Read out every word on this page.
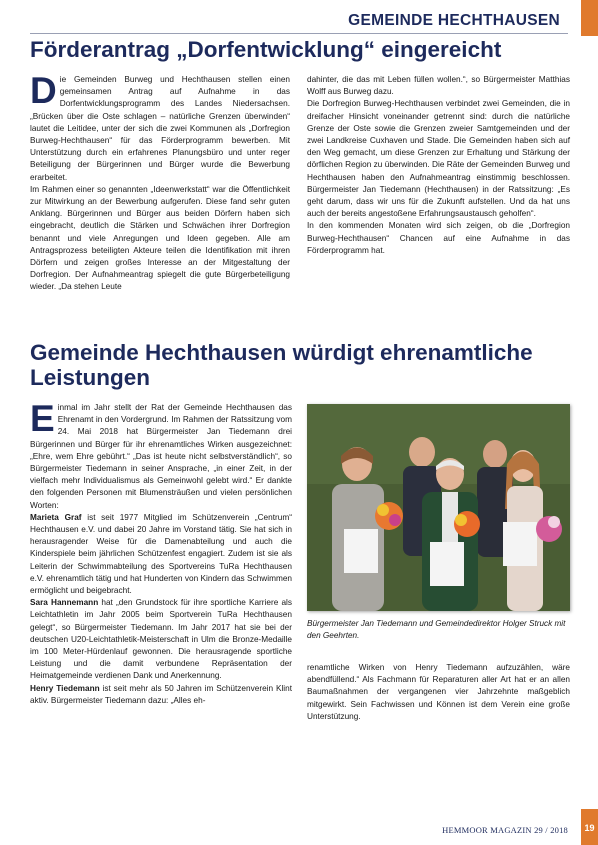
GEMEINDE HECHTHAUSEN
Förderantrag „Dorfentwicklung“ eingereicht
D ie Gemeinden Burweg und Hechthausen stellen einen gemeinsamen Antrag auf Aufnahme in das Dorfentwicklungsprogramm des Landes Niedersachsen. „Brücken über die Oste schlagen – natürliche Grenzen überwinden“ lautet die Leitidee, unter der sich die zwei Kommunen als „Dorfregion Burweg-Hechthausen“ für das Förderprogramm bewerben. Mit Unterstützung durch ein erfahrenes Planungsbüro und unter reger Beteiligung der Bürgerinnen und Bürger wurde die Bewerbung erarbeitet.

Im Rahmen einer so genannten „Ideenwerkstatt“ war die Öffentlichkeit zur Mitwirkung an der Bewerbung aufgerufen. Diese fand sehr guten Anklang. Bürgerinnen und Bürger aus beiden Dörfern haben sich eingebracht, deutlich die Stärken und Schwächen ihrer Dorfregion benannt und viele Anregungen und Ideen gegeben. Alle am Antragsprozess beteiligten Akteure teilen die Identifikation mit ihren Dörfern und zeigen großes Interesse an der Mitgestaltung der Dorfregion. Der Aufnahmeantrag spiegelt die gute Bürgerbeteiligung wieder. „Da stehen Leute

dahinter, die das mit Leben füllen wollen.“, so Bürgermeister Matthias Wolff aus Burweg dazu.

Die Dorfregion Burweg-Hechthausen verbindet zwei Gemeinden, die in dreifacher Hinsicht voneinander getrennt sind: durch die natürliche Grenze der Oste sowie die Grenzen zweier Samtgemeinden und der zwei Landkreise Cuxhaven und Stade. Die Gemeinden haben sich auf den Weg gemacht, um diese Grenzen zur Erhaltung und Stärkung der dörflichen Region zu überwinden. Die Räte der Gemeinden Burweg und Hechthausen haben den Aufnahmeantrag einstimmig beschlossen. Bürgermeister Jan Tiedemann (Hechthausen) in der Ratssitzung: „Es geht darum, dass wir uns für die Zukunft aufstellen. Und da hat uns auch der bereits angestoßene Erfahrungsaustausch geholfen“.

In den kommenden Monaten wird sich zeigen, ob die „Dorfregion Burweg-Hechthausen“ Chancen auf eine Aufnahme in das Förderprogramm hat.

Gemeinde Hechthausen würdigt ehrenamtliche Leistungen
E inmal im Jahr stellt der Rat der Gemeinde Hechthausen das Ehrenamt in den Vordergrund. Im Rahmen der Ratssitzung vom 24. Mai 2018 hat Bürgermeister Jan Tiedemann drei Bürgerinnen und Bürger für ihr ehrenamtliches Wirken ausgezeichnet: „Ehre, wem Ehre gebührt.“ „Das ist heute nicht selbstverständlich“, so Bürgermeister Tiedemann in seiner Ansprache, „in einer Zeit, in der vielfach mehr Individualismus als Gemeinwohl gelebt wird.“ Er dankte den folgenden Personen mit Blumensträußen und vielen persönlichen Worten:

Marieta Graf ist seit 1977 Mitglied im Schützenverein „Centrum“ Hechthausen e.V. und dabei 20 Jahre im Vorstand tätig. Sie hat sich in herausragender Weise für die Damenabteilung und auch die Kinderspiele beim jährlichen Schützenfest engagiert. Zudem ist sie als Leiterin der Schwimmabteilung des Sportvereins TuRa Hechthausen e.V. ehrenamtlich tätig und hat Hunderten von Kindern das Schwimmen ermöglicht und beigebracht.

Sara Hannemann hat „den Grundstock für ihre sportliche Karriere als Leichtathletin im Jahr 2005 beim Sportverein TuRa Hechthausen gelegt“, so Bürgermeister Tiedemann. Im Jahr 2017 hat sie bei der deutschen U20-Leichtathletik-Meisterschaft in Ulm die Bronze-Medaille im 100 Meter-Hürdenlauf gewonnen. Die herausragende sportliche Leistung und die damit verbundene Repräsentation der Heimatgemeinde verdienen Dank und Anerkennung.

Henry Tiedemann ist seit mehr als 50 Jahren im Schützenverein Klint aktiv. Bürgermeister Tiedemann dazu: „Alles eh-

Bürgermeister Jan Tiedemann und Gemeindedirektor Holger Struck mit den Geehrten.

renamtliche Wirken von Henry Tiedemann aufzuzählen, wäre abendfüllend.“ Als Fachmann für Reparaturen aller Art hat er an allen Baumaßnahmen der vergangenen vier Jahrzehnte maßgeblich mitgewirkt. Sein Fachwissen und Können ist dem Verein eine große Unterstützung.

HEMMOOR MAGAZIN 29 / 2018	19
